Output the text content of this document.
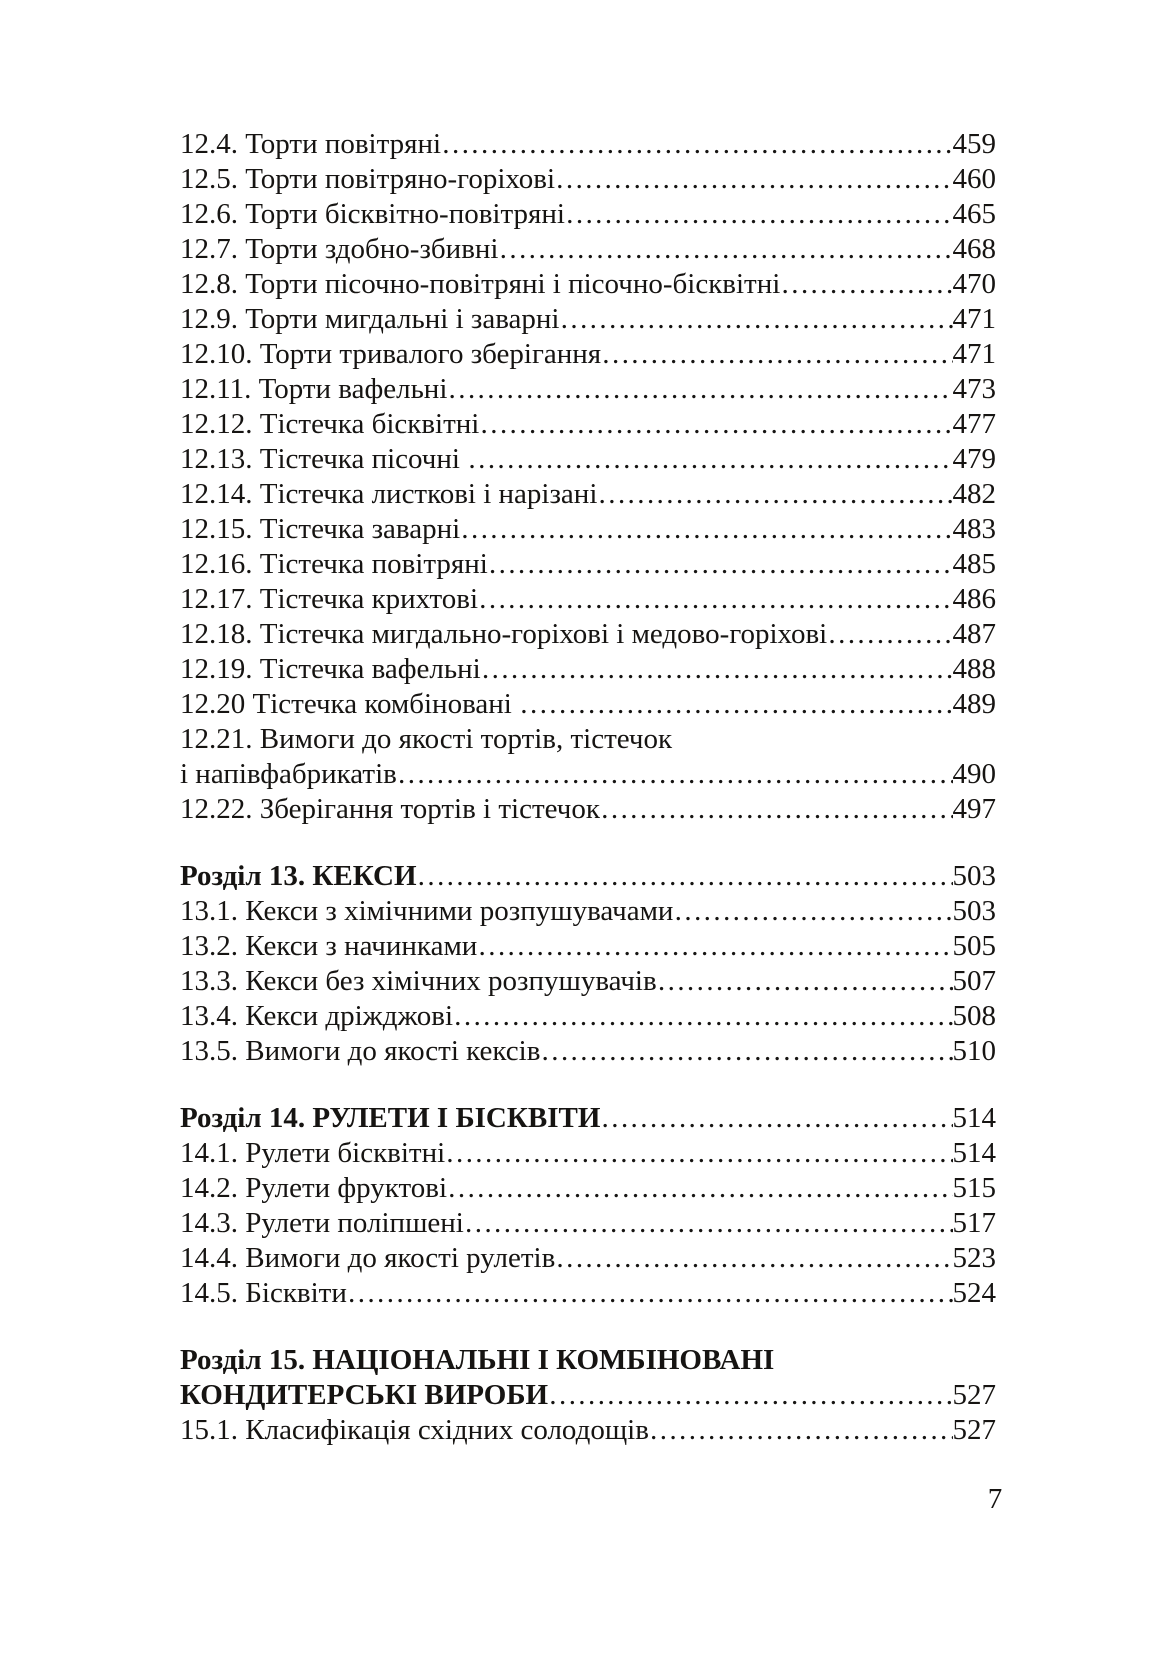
12.4. Торти повітряні ……………………………………………………………………………………………………………………	459
12.5. Торти повітряно-горіхові ……………………………………………………………………………………………………………………	460
12.6. Торти бісквітно-повітряні ……………………………………………………………………………………………………………………	465
12.7. Торти здобно-збивні ……………………………………………………………………………………………………………………	468
12.8. Торти пісочно-повітряні і пісочно-бісквітні ……………………………………………………………………………………………………………………	470
12.9. Торти мигдальні і заварні ……………………………………………………………………………………………………………………	471
12.10. Торти тривалого зберігання ……………………………………………………………………………………………………………………	471
12.11. Торти вафельні ……………………………………………………………………………………………………………………	473
12.12. Тістечка бісквітні ……………………………………………………………………………………………………………………	477
12.13. Тістечка пісочні ……………………………………………………………………………………………………………………	479
12.14. Тістечка листкові і нарізані ……………………………………………………………………………………………………………………	482
12.15. Тістечка заварні ……………………………………………………………………………………………………………………	483
12.16. Тістечка повітряні ……………………………………………………………………………………………………………………	485
12.17. Тістечка крихтові ……………………………………………………………………………………………………………………	486
12.18. Тістечка мигдально-горіхові і медово-горіхові ……………………………………………………………………………………………………………………	487
12.19. Тістечка вафельні ……………………………………………………………………………………………………………………	488
12.20 Тістечка комбіновані ……………………………………………………………………………………………………………………	489
12.21. Вимоги до якості тортів, тістечок
і напівфабрикатів ……………………………………………………………………………………………………………………	490
12.22. Зберігання тортів і тістечок ……………………………………………………………………………………………………………………	497
Розділ 13. КЕКСИ ……………………………………………………………………………………………………………………	503
13.1. Кекси з хімічними розпушувачами ……………………………………………………………………………………………………………………	503
13.2. Кекси з начинками ……………………………………………………………………………………………………………………	505
13.3. Кекси без хімічних розпушувачів ……………………………………………………………………………………………………………………	507
13.4. Кекси дріжджові ……………………………………………………………………………………………………………………	508
13.5. Вимоги до якості кексів ……………………………………………………………………………………………………………………	510
Розділ 14. РУЛЕТИ І БІСКВІТИ ……………………………………………………………………………………………………………………	514
14.1. Рулети бісквітні ……………………………………………………………………………………………………………………	514
14.2. Рулети фруктові ……………………………………………………………………………………………………………………	515
14.3. Рулети поліпшені ……………………………………………………………………………………………………………………	517
14.4. Вимоги до якості рулетів ……………………………………………………………………………………………………………………	523
14.5. Бісквіти ……………………………………………………………………………………………………………………	524
Розділ 15. НАЦІОНАЛЬНІ І КОМБІНОВАНІ
КОНДИТЕРСЬКІ ВИРОБИ ……………………………………………………………………………………………………………………	527
15.1. Класифікація східних солодощів ……………………………………………………………………………………………………………………	527
7
